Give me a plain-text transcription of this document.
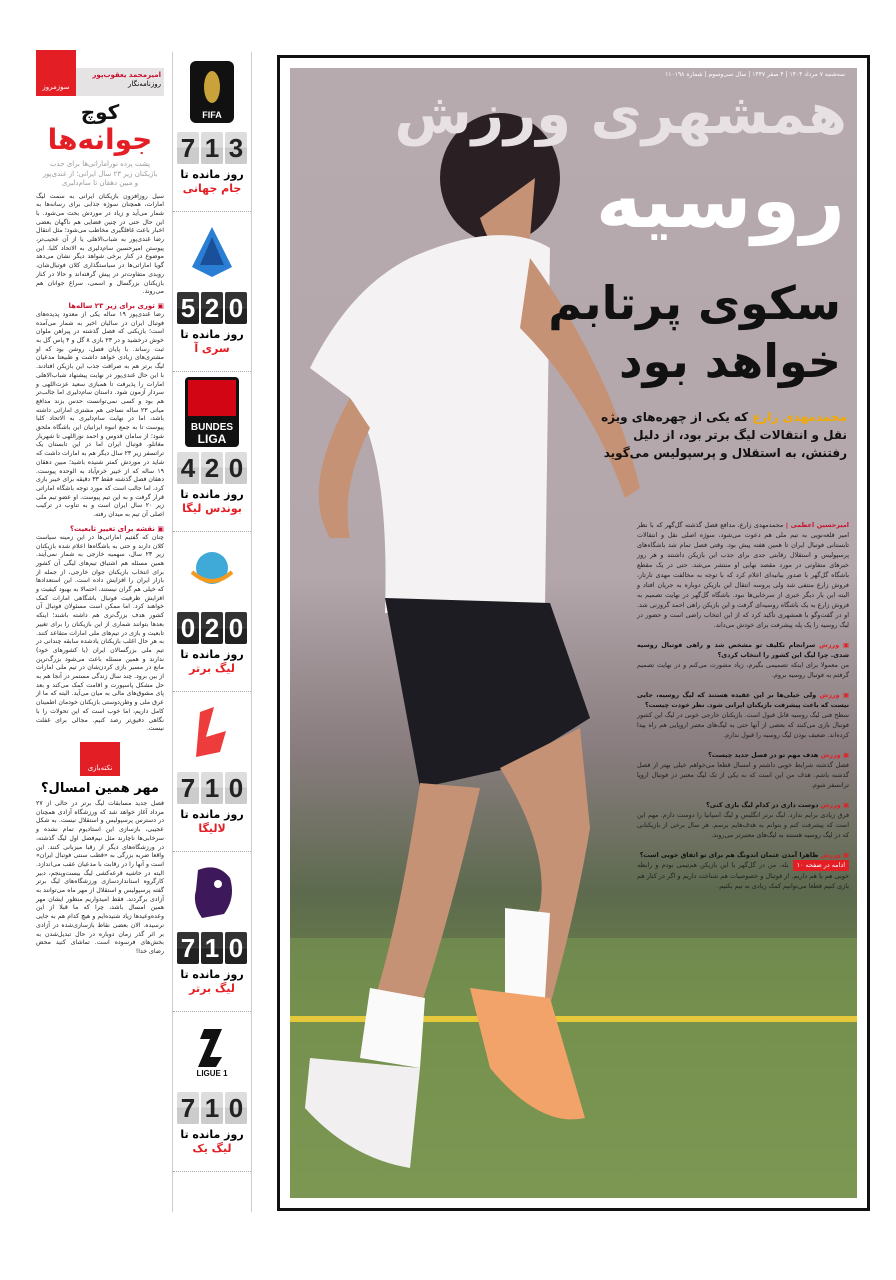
امیرمحمد یعقوب‌پور
روزنامه‌نگار
سوزمروز
کوچ
جوانه‌ها
پشت پرده نوراماراتی‌ها برای جذب بازیکنان زیر ۲۳ سال ایرانی؛ از غندی‌پور و مبین دهقان تا سام‌دلیری
سیل روزافزون بازیکنان ایرانی به سمت لیگ امارات، همچنان سوژه جذابی برای رسانه‌ها به شمار می‌آید و زیاد در موردش بحث می‌شود. با این حال حتی در چنین فضایی هم ناگهان بعضی اخبار باعث غافلگیری مخاطب می‌شود؛ مثل انتقال رضا غندی‌پور به شباب‌الاهلی یا از آن عجیب‌تر، پیوستن امیرحسین سام‌دلیری به الاتحاد کلبا. این موضوع در کنار برخی شواهد دیگر نشان می‌دهد گویا اماراتی‌ها در سیاستگذاری کلان فوتبال‌شان، رویدی متفاوت‌تر در پیش گرفته‌اند و حالا در کنار بازیکنان بزرگسال و اسمی، سراغ جوانان هم می‌روند.
▣ توری برای زیر ۲۳ ساله‌ها
رضا غندی‌پور ۱۹ ساله یکی از معدود پدیده‌های فوتبال ایران در سالیان اخیر به شمار می‌آمده است؛ بازیکنی که فصل گذشته در پیراهن ملوان خوش درخشید و در ۲۳ بازی ۸ گل و ۴ پاس گل به ثبت رساند. با پایان فصل، روشن بود که او مشتری‌های زیادی خواهد داشت و طبیعتا مدعیان لیگ برتر هم به صرافت جذب این بازیکن افتادند. با این حال غندی‌پور در نهایت پیشنهاد شباب‌الاهلی امارات را پذیرفت تا همبازی سعید عزت‌اللهی و سردار آزمون شود. داستان سام‌دلیری اما جالب‌تر هم بود و کسی نمی‌توانست حدس بزند مدافع میانی ۲۳ ساله نساجی هم مشتری اماراتی داشته باشد، اما در نهایت سام‌دلیری به الاتحاد کلبا پیوست تا به جمع انبوه ایرانیان این باشگاه ملحق شود؛ از سامان قدوس و احمد نوراللهی تا شهریار مغانلو. فوتبال ایران اما در این تابستان یک ترانسفر زیر ۲۳ سال دیگر هم به امارات داشت که شاید در موردش کمتر شنیده باشید؛ مبین دهقان ۱۹ ساله که از خیبر خرم‌آباد به الوحده پیوست. دهقان فصل گذشته فقط ۳۳ دقیقه برای خیبر بازی کرد، اما جالب است که مورد توجه باشگاه اماراتی قرار گرفت و به این تیم پیوست. او عضو تیم ملی زیر ۲۰ سال ایران است و به تناوب در ترکیب اصلی آن تیم به میدان رفته.
▣ نقشه برای تغییر تابعیت؟
چنان که گفتیم اماراتی‌ها در این زمینه سیاست کلان دارند و حتی به باشگاه‌ها اعلام شده بازیکنان زیر ۲۳ سال، سهمیه خارجی به شمار نمی‌آیند. همین مسئله هم اشتیاق تیم‌های لیگی آن کشور برای انتخاب بازیکنان جوان خارجی، از جمله از بازار ایران را افزایش داده است. این استعدادها که خیلی هم گران نیستند، احتمالا به بهبود کیفیت و افزایش ظرفیت فوتبال باشگاهی امارات کمک خواهند کرد. اما ممکن است مسئولان فوتبال آن کشور هدف بزرگ‌تری هم داشته باشند؛ اینکه بعدها بتوانند شماری از این بازیکنان را برای تغییر تابعیت و بازی در تیم‌های ملی امارات متقاعد کنند. به هر حال اغلب بازیکنان یادشده سابقه چندانی در تیم ملی بزرگسالان ایران (یا کشورهای خود) ندارند و همین مسئله باعث می‌شود بزرگ‌ترین مانع در مسیر بازی کردن‌شان در تیم ملی امارات از بین برود. چند سال زندگی مستمر در آنجا هم به حل مشکل پاسپورت و اقامت کمک می‌کند و بعد پای مشوق‌های مالی به میان می‌آید. البته که ما از عرق ملی و وطن‌دوستی بازیکنان خودمان اطمینان کامل داریم، اما خوب است که این تحولات را با نگاهی دقیق‌تر رصد کنیم. مجالی برای غفلت نیست.
نکته‌بازی
مهر همین امسال؟
فصل جدید مسابقات لیگ برتر در حالی از ۲۷ مرداد آغاز خواهد شد که ورزشگاه آزادی همچنان در دسترس پرسپولیس و استقلال نیست. به شکل عجیبی، بازسازی این استادیوم تمام نشده و سرخابی‌ها ناچارند مثل نیم‌فصل اول لیگ گذشته، در ورزشگاه‌های دیگر از رقبا میزبانی کنند. این واقعا ضربه بزرگی به «قطب سنتی فوتبال ایران» است و آنها را در رقابت با مدعیان عقب می‌اندازد. البته در حاشیه قرعه‌کشی لیگ بیست‌وپنجم، دبیر کارگروه استانداردسازی ورزشگاه‌های لیگ برتر گفته پرسپولیس و استقلال از مهر ماه می‌توانند به آزادی برگردند. فقط امیدواریم منظور ایشان مهر همین امسال باشد، چرا که ما قبلا از این وعده‌وعیدها زیاد شنیده‌ایم و هیچ کدام هم به جایی نرسیده. الان بعضی نقاط بازسازی‌شده در آزادی بر اثر گذر زمان دوباره در حال تبدیل‌شدن به بخش‌های فرسوده است. تماشای کنید محض رضای خدا!
FIFA
3
1
7
روز مانده تا
جام جهانی
0
2
5
روز مانده تا
سری آ
BUNDES
LIGA
0
2
4
روز مانده تا
بوندس لیگا
0
2
0
روز مانده تا
لیگ برتر
0
1
7
روز مانده تا
لالیگا
0
1
7
روز مانده تا
لیگ برتر
LIGUE 1
0
1
7
روز مانده تا
لیگ یک
سه‌شنبه ۷ مرداد ۱۴۰۴ | ۴ صفر ۱۴۴۷ | سال سی‌وسوم | شماره ۱۱۰۱۹۸
همشهری ورزش
روسیه
سکوی پرتابم
خواهد بود
محمدمهدی زارع که یکی از چهره‌های ویژه نقل و انتقالات لیگ برتر بود، از دلیل رفتنش، به استقلال و پرسپولیس می‌گوید
امیرحسین اعظمی | محمدمهدی زارع، مدافع فصل گذشته گل‌گهر که با نظر امیر قلعه‌نویی به تیم ملی هم دعوت می‌شود، سوژه اصلی نقل و انتقالات تابستانی فوتبال ایران تا همین هفته پیش بود. وقتی فصل تمام شد باشگاه‌های پرسپولیس و استقلال رقابتی جدی برای جذب این بازیکن داشتند و هر روز خبرهای متفاوتی در مورد مقصد نهایی او منتشر می‌شد. حتی در یک مقطع باشگاه گل‌گهر با صدور بیانیه‌ای اعلام کرد که با توجه به مخالفت مهدی تارتار، فروش زارع منتفی شد ولی پروسه انتقال این بازیکن دوباره به جریان افتاد و البته این بار دیگر خبری از سرخابی‌ها نبود. باشگاه گل‌گهر در نهایت تصمیم به فروش زارع به یک باشگاه روسیه‌ای گرفت و این بازیکن راهی احمد گروزنی شد. او در گفت‌وگو با همشهری تأکید کرد که از این انتخاب راضی است و حضور در لیگ روسیه را یک پله پیشرفت برای خودش می‌داند.
▣ ورزش سرانجام تکلیف تو مشخص شد و راهی فوتبال روسیه شدی. چرا لیگ این کشور را انتخاب کردی؟
من معمولا برای اینکه تصمیمی بگیرم، زیاد مشورت می‌کنم و در نهایت تصمیم گرفتم به فوتبال روسیه بروم.
▣ ورزش ولی خیلی‌ها بر این عقیده هستند که لیگ روسیه، جایی نیست که باعث پیشرفت بازیکنان ایرانی شود. نظر خودت چیست؟
سطح فنی لیگ روسیه قابل قبول است. بازیکنان خارجی خوبی در لیگ این کشور فوتبال بازی می‌کنند که بعضی از آنها حتی به لیگ‌های معتبر اروپایی هم راه پیدا کرده‌اند. ضعیف بودن لیگ روسیه را قبول ندارم.
▣ ورزش هدف مهم تو در فصل جدید چیست؟
فصل گذشته شرایط خوبی داشتم و امسال قطعا می‌خواهم خیلی بهتر از فصل گذشته باشم. هدف من این است که به یکی از تک لیگ معتبر در فوتبال اروپا ترانسفر شوم.
▣ ورزش دوست داری در کدام لیگ بازی کنی؟
فرق زیادی برایم ندارد. لیگ برتر انگلیس و لیگ اسپانیا را دوست دارم. مهم این است که پیشرفت کنم و بتوانم به هدف‌هایم برسم. هر سال برخی از بازیکنانی که در لیگ روسیه هستند به لیگ‌های معتبرتر می‌روند.
▣ ورزش ظاهرا آمدن عثمان اندونگ هم برای تو اتفاق خوبی است؟
ادامه در صفحه ۱۰بله. من در گل‌گهر با این بازیکن هم‌تیمی بودم و رابطه خوبی هم با هم داریم. از فوتبال و خصوصیات هم شناخت داریم و اگر در کنار هم بازی کنیم قطعا می‌توانیم کمک زیادی به تیم بکنیم.
